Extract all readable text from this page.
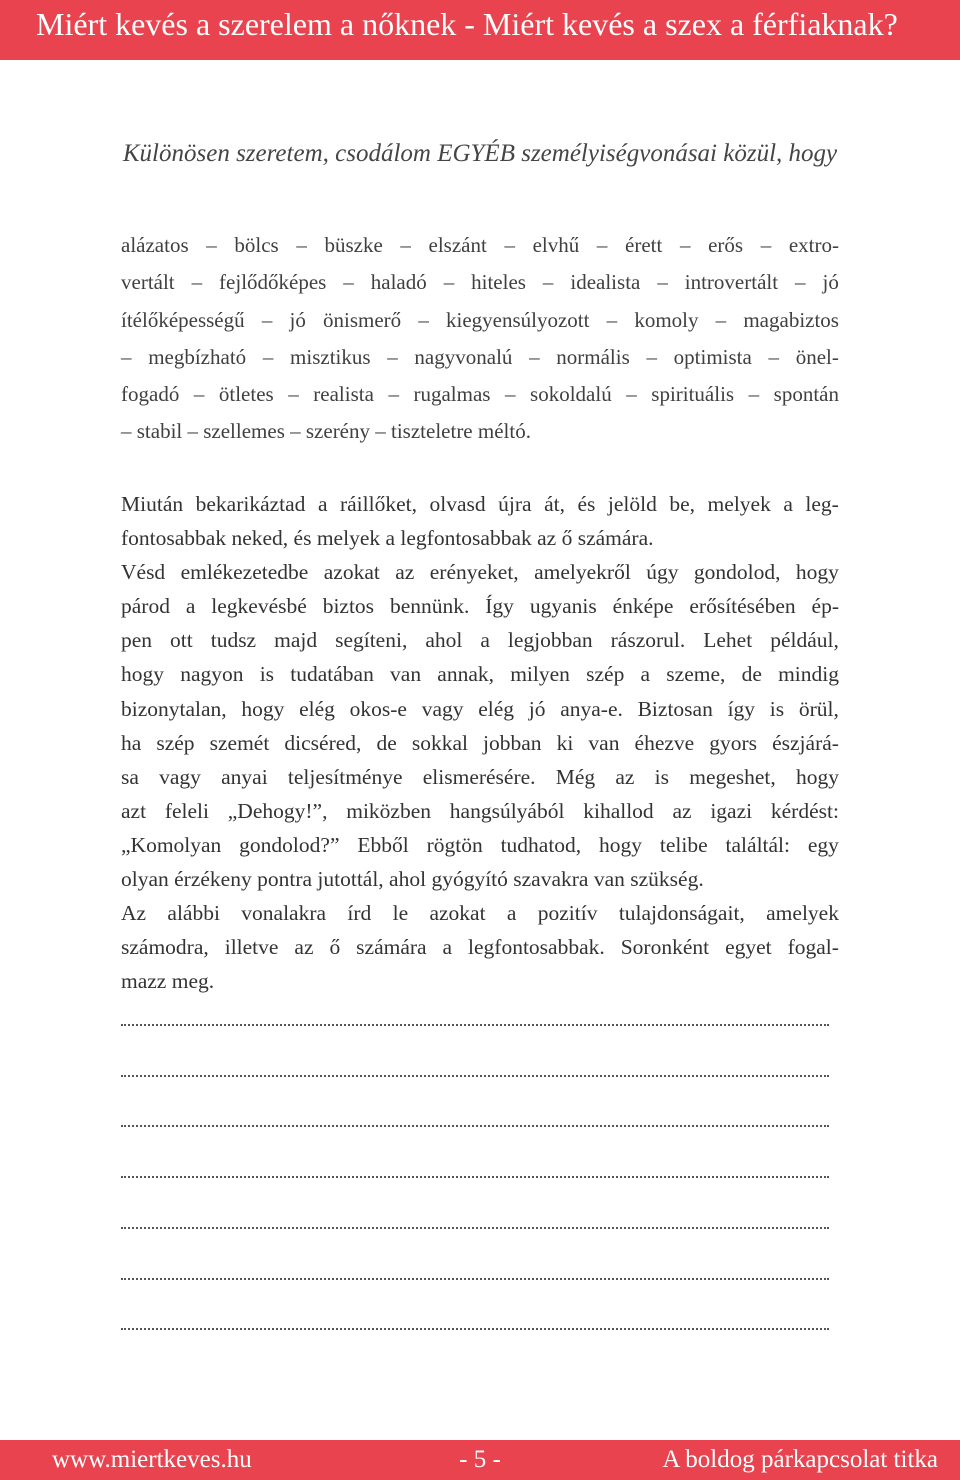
Miért kevés a szerelem a nőknek - Miért kevés a szex a férfiaknak?
Különösen szeretem, csodálom EGYÉB személyiségvonásai közül, hogy
alázatos – bölcs – büszke – elszánt – elvhű – érett – erős – extro-
vertált – fejlődőképes – haladó – hiteles – idealista – introvertált – jó
ítélőképességű – jó önismerő – kiegyensúlyozott – komoly – magabiztos
– megbízható – misztikus – nagyvonalú – normális – optimista – önel-
fogadó – ötletes – realista – rugalmas – sokoldalú – spirituális – spontán
– stabil – szellemes – szerény – tiszteletre méltó.
Miután bekarikáztad a ráillőket, olvasd újra át, és jelöld be, melyek a leg-
fontosabbak neked, és melyek a legfontosabbak az ő számára.
Vésd emlékezetedbe azokat az erényeket, amelyekről úgy gondolod, hogy
párod a legkevésbé biztos bennünk. Így ugyanis énképe erősítésében ép-
pen ott tudsz majd segíteni, ahol a legjobban rászorul. Lehet például,
hogy nagyon is tudatában van annak, milyen szép a szeme, de mindig
bizonytalan, hogy elég okos-e vagy elég jó anya-e. Biztosan így is örül,
ha szép szemét dicséred, de sokkal jobban ki van éhezve gyors észjárá-
sa vagy anyai teljesítménye elismerésére. Még az is megeshet, hogy
azt feleli „Dehogy!”, miközben hangsúlyából kihallod az igazi kérdést:
„Komolyan gondolod?” Ebből rögtön tudhatod, hogy telibe találtál: egy
olyan érzékeny pontra jutottál, ahol gyógyító szavakra van szükség.
Az alábbi vonalakra írd le azokat a pozitív tulajdonságait, amelyek
számodra, illetve az ő számára a legfontosabbak. Soronként egyet fogal-
mazz meg.
www.miertkeves.hu	- 5 -	A boldog párkapcsolat titka
